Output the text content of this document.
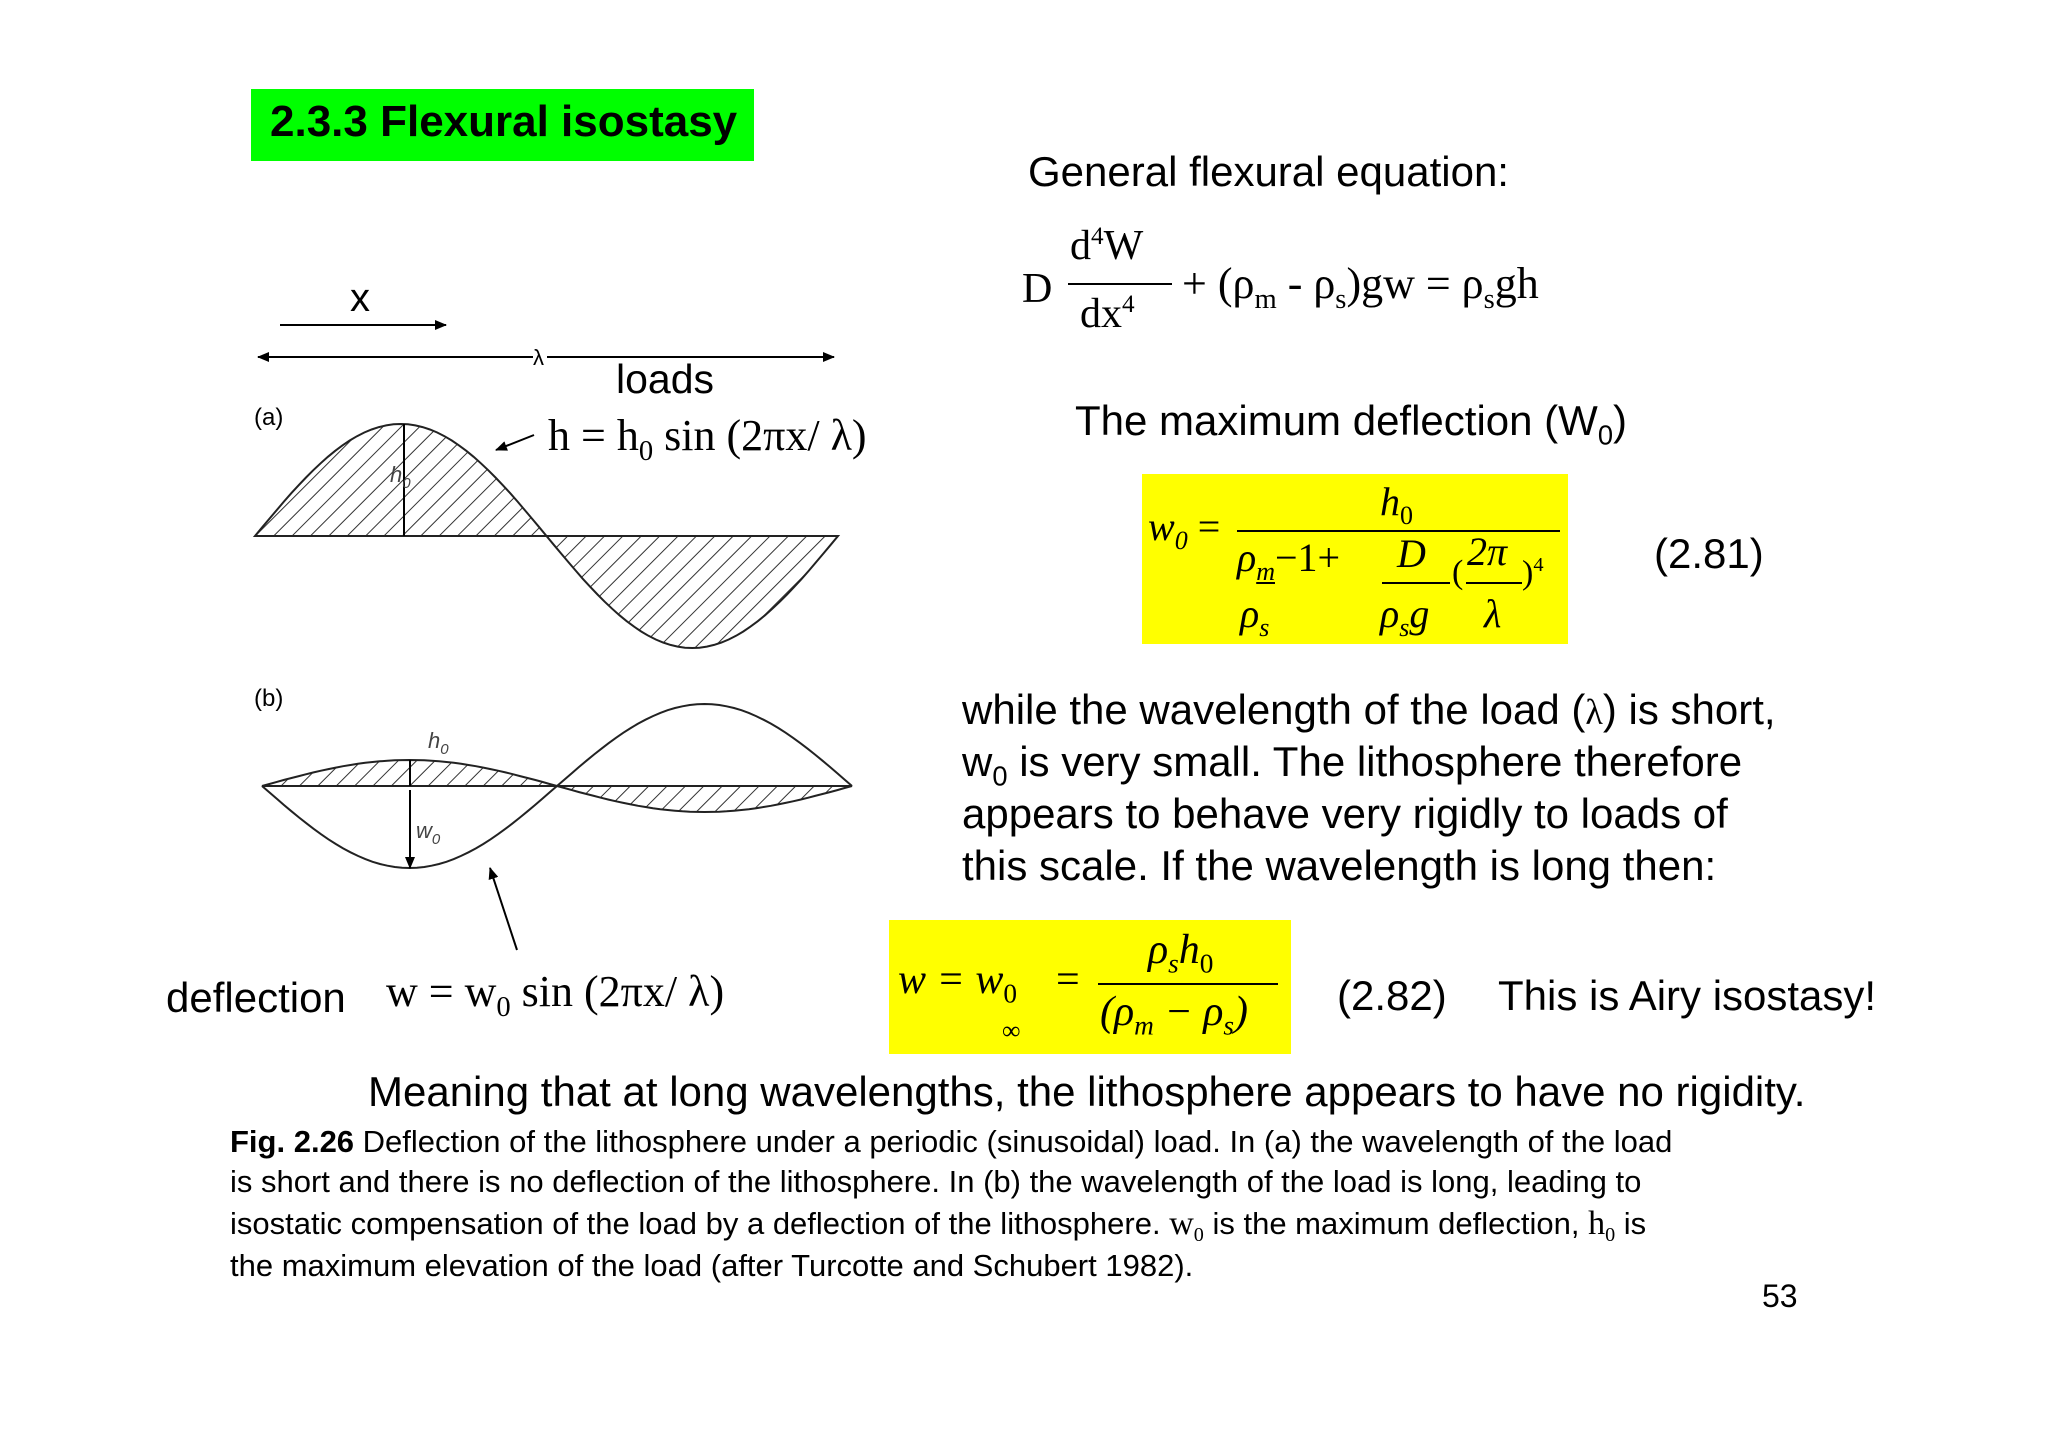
2.3.3 Flexural isostasy
x
λ
(a)
$h_0$
(b)
$h_0$
$w_0$
loads
$h = h_0$ sin (2πx/ λ)
deflection $w = w_0$ sin (2πx/ λ)
General flexural equation:
D
$d^4W$
$dx^4 + (\rho_m - \rho_s)gw = \rho_sgh$
The maximum deflection $(W_0)$
$w_0$ =
$h_0$
$\rho_m-1+$
$\rho_s$
D
$\rho_sg$
( 2π
λ
)$^4$	(2.81)
while the wavelength of the load (λ) is short,
$w_0$ is very small. The lithosphere therefore
appears to behave very rigidly to loads of
this scale. If the wavelength is long then:
$w = w_0$
∞
=
$\rho_sh_0$
$(\rho_m - \rho_s)$ (2.82) This is Airy isostasy!
Meaning that at long wavelengths, the lithosphere appears to have no rigidity.
Fig. 2.26 Deflection of the lithosphere under a periodic (sinusoidal) load. In (a) the wavelength of the load
is short and there is no deflection of the lithosphere. In (b) the wavelength of the load is long, leading to
isostatic compensation of the load by a deflection of the lithosphere. $w_0$ is the maximum deflection, $h_0$ is
the maximum elevation of the load (after Turcotte and Schubert 1982).
53
